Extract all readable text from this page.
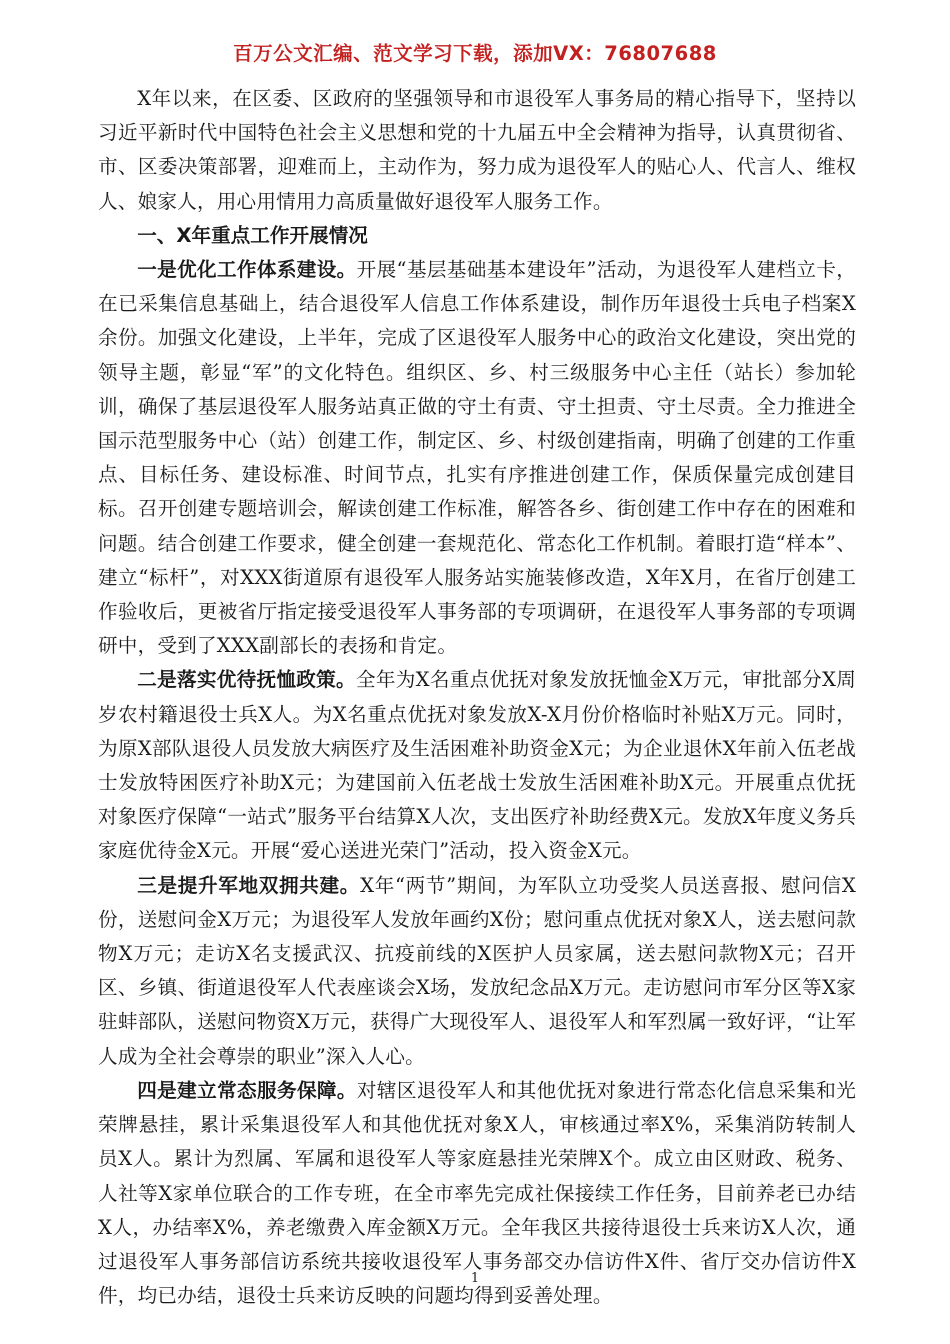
百万公文汇编、范文学习下载，添加VX：76807688

X年以来，在区委、区政府的坚强领导和市退役军人事务局的精心指导下，坚持以习近平新时代中国特色社会主义思想和党的十九届五中全会精神为指导，认真贯彻省、市、区委决策部署，迎难而上，主动作为，努力成为退役军人的贴心人、代言人、维权人、娘家人，用心用情用力高质量做好退役军人服务工作。

一、X年重点工作开展情况

一是优化工作体系建设。开展“基层基础基本建设年”活动，为退役军人建档立卡，在已采集信息基础上，结合退役军人信息工作体系建设，制作历年退役士兵电子档案X余份。加强文化建设，上半年，完成了区退役军人服务中心的政治文化建设，突出党的领导主题，彰显“军”的文化特色。组织区、乡、村三级服务中心主任（站长）参加轮训，确保了基层退役军人服务站真正做的守土有责、守土担责、守土尽责。全力推进全国示范型服务中心（站）创建工作，制定区、乡、村级创建指南，明确了创建的工作重点、目标任务、建设标准、时间节点，扎实有序推进创建工作，保质保量完成创建目标。召开创建专题培训会，解读创建工作标准，解答各乡、街创建工作中存在的困难和问题。结合创建工作要求，健全创建一套规范化、常态化工作机制。着眼打造“样本”、建立“标杆”，对XXX街道原有退役军人服务站实施装修改造，X年X月，在省厅创建工作验收后，更被省厅指定接受退役军人事务部的专项调研，在退役军人事务部的专项调研中，受到了XXX副部长的表扬和肯定。

二是落实优待抚恤政策。全年为X名重点优抚对象发放抚恤金X万元，审批部分X周岁农村籍退役士兵X人。为X名重点优抚对象发放X-X月份价格临时补贴X万元。同时，为原X部队退役人员发放大病医疗及生活困难补助资金X元；为企业退休X年前入伍老战士发放特困医疗补助X元；为建国前入伍老战士发放生活困难补助X元。开展重点优抚对象医疗保障“一站式”服务平台结算X人次，支出医疗补助经费X元。发放X年度义务兵家庭优待金X元。开展“爱心送进光荣门”活动，投入资金X元。

三是提升军地双拥共建。X年“两节”期间，为军队立功受奖人员送喜报、慰问信X份，送慰问金X万元；为退役军人发放年画约X份；慰问重点优抚对象X人，送去慰问款物X万元；走访X名支援武汉、抗疫前线的X医护人员家属，送去慰问款物X元；召开区、乡镇、街道退役军人代表座谈会X场，发放纪念品X万元。走访慰问市军分区等X家驻蚌部队，送慰问物资X万元，获得广大现役军人、退役军人和军烈属一致好评，“让军人成为全社会尊崇的职业”深入人心。

四是建立常态服务保障。对辖区退役军人和其他优抚对象进行常态化信息采集和光荣牌悬挂，累计采集退役军人和其他优抚对象X人，审核通过率X%，采集消防转制人员X人。累计为烈属、军属和退役军人等家庭悬挂光荣牌X个。成立由区财政、税务、人社等X家单位联合的工作专班，在全市率先完成社保接续工作任务，目前养老已办结X人，办结率X%，养老缴费入库金额X万元。全年我区共接待退役士兵来访X人次，通过退役军人事务部信访系统共接收退役军人事务部交办信访件X件、省厅交办信访件X件，均已办结，退役士兵来访反映的问题均得到妥善处理。

1
